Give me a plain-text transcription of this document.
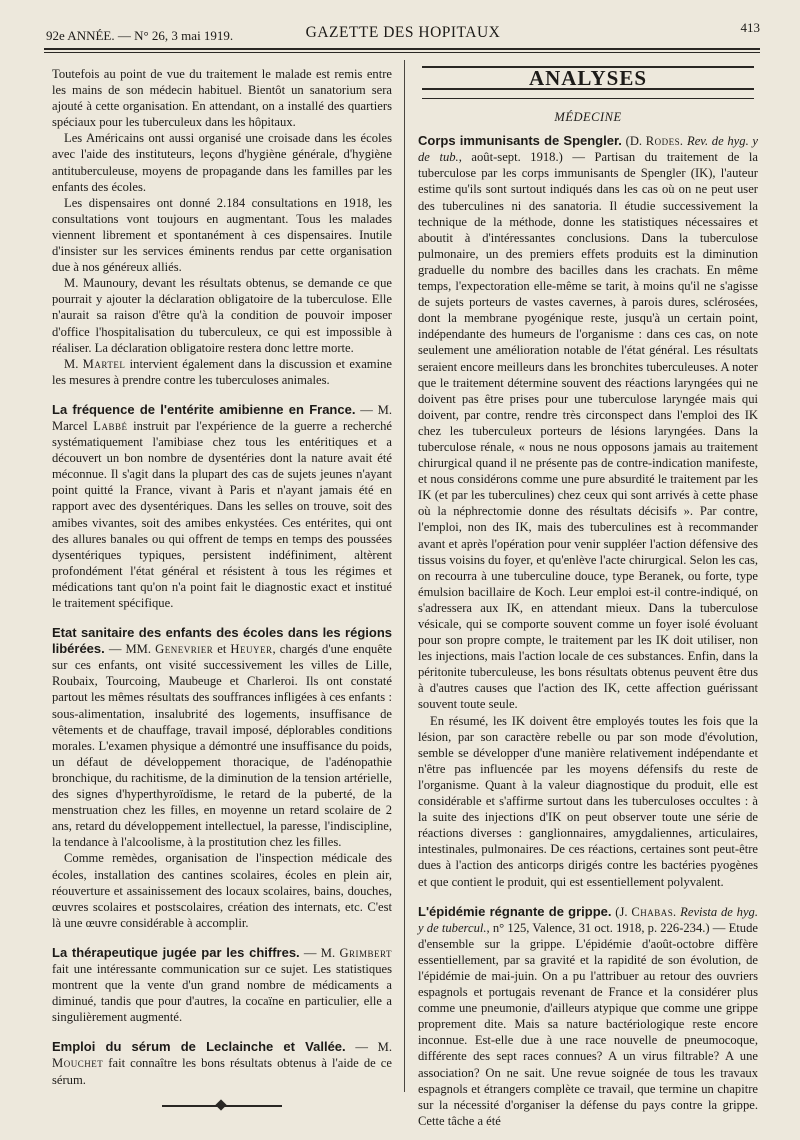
92e ANNÉE. — N° 26, 3 mai 1919.	GAZETTE DES HOPITAUX	413

Toutefois au point de vue du traitement le malade est remis entre les mains de son médecin habituel. Bientôt un sanatorium sera ajouté à cette organisation. En attendant, on a installé des quartiers spéciaux pour les tuberculeux dans les hôpitaux.

Les Américains ont aussi organisé une croisade dans les écoles avec l'aide des instituteurs, leçons d'hygiène générale, d'hygiène antituberculeuse, moyens de propagande dans les familles par les enfants des écoles.

Les dispensaires ont donné 2.184 consultations en 1918, les consultations vont toujours en augmentant. Tous les malades viennent librement et spontanément à ces dispensaires. Inutile d'insister sur les services éminents rendus par cette organisation due à nos généreux alliés.

M. Maunoury, devant les résultats obtenus, se demande ce que pourrait y ajouter la déclaration obligatoire de la tuberculose. Elle n'aurait sa raison d'être qu'à la condition de pouvoir imposer d'office l'hospitalisation du tuberculeux, ce qui est impossible à réaliser. La déclaration obligatoire restera donc lettre morte.

M. Martel intervient également dans la discussion et examine les mesures à prendre contre les tuberculoses animales.

La fréquence de l'entérite amibienne en France. — M. Marcel Labbé instruit par l'expérience de la guerre a recherché systématiquement l'amibiase chez tous les entéritiques et a découvert un bon nombre de dysentéries dont la nature avait été méconnue. Il s'agit dans la plupart des cas de sujets jeunes n'ayant point quitté la France, vivant à Paris et n'ayant jamais été en rapport avec des dysentériques. Dans les selles on trouve, soit des amibes vivantes, soit des amibes enkystées. Ces entérites, qui ont des allures banales ou qui offrent de temps en temps des poussées dysentériques typiques, persistent indéfiniment, altèrent profondément l'état général et résistent à tous les régimes et médications tant qu'on n'a point fait le diagnostic exact et institué le traitement spécifique.

Etat sanitaire des enfants des écoles dans les régions libérées. — MM. Genevrier et Heuyer, chargés d'une enquête sur ces enfants, ont visité successivement les villes de Lille, Roubaix, Tourcoing, Maubeuge et Charleroi. Ils ont constaté partout les mêmes résultats des souffrances infligées à ces enfants : sous-alimentation, insalubrité des logements, insuffisance de vêtements et de chauffage, travail imposé, déplorables conditions morales. L'examen physique a démontré une insuffisance du poids, un défaut de développement thoracique, de l'adénopathie bronchique, du rachitisme, de la diminution de la tension artérielle, des signes d'hyperthyroïdisme, le retard de la puberté, de la menstruation chez les filles, en moyenne un retard scolaire de 2 ans, retard du développement intellectuel, la paresse, l'indiscipline, la tendance à l'alcoolisme, à la prostitution chez les filles.

Comme remèdes, organisation de l'inspection médicale des écoles, installation des cantines scolaires, écoles en plein air, réouverture et assainissement des locaux scolaires, bains, douches, œuvres scolaires et postscolaires, création des internats, etc. C'est là une œuvre considérable à accomplir.

La thérapeutique jugée par les chiffres. — M. Grimbert fait une intéressante communication sur ce sujet. Les statistiques montrent que la vente d'un grand nombre de médicaments a diminué, tandis que pour d'autres, la cocaïne en particulier, elle a singulièrement augmenté.

Emploi du sérum de Leclainche et Vallée. — M. Mouchet fait connaître les bons résultats obtenus à l'aide de ce sérum.

ANALYSES
MÉDECINE

Corps immunisants de Spengler. (D. Rodes. Rev. de hyg. y de tub., août-sept. 1918.) — Partisan du traitement de la tuberculose par les corps immunisants de Spengler (IK), l'auteur estime qu'ils sont surtout indiqués dans les cas où on ne peut user des tuberculines ni des sanatoria. Il étudie successivement la technique de la méthode, donne les statistiques nécessaires et aboutit à d'intéressantes conclusions. Dans la tuberculose pulmonaire, un des premiers effets produits est la diminution graduelle du nombre des bacilles dans les crachats. En même temps, l'expectoration elle-même se tarit, à moins qu'il ne s'agisse de sujets porteurs de vastes cavernes, à parois dures, sclérosées, dont la membrane pyogénique reste, jusqu'à un certain point, indépendante des humeurs de l'organisme : dans ces cas, on note seulement une amélioration notable de l'état général. Les résultats seraient encore meilleurs dans les bronchites tuberculeuses. A noter que le traitement détermine souvent des réactions laryngées qui ne doivent pas être prises pour une tuberculose laryngée mais qui doivent, par contre, rendre très circonspect dans l'emploi des IK chez les tuberculeux porteurs de lésions laryngées. Dans la tuberculose rénale, « nous ne nous opposons jamais au traitement chirurgical quand il ne présente pas de contre-indication manifeste, et nous considérons comme une pure absurdité le traitement par les IK (et par les tuberculines) chez ceux qui sont arrivés à cette phase où la néphrectomie donne des résultats décisifs ». Par contre, l'emploi, non des IK, mais des tuberculines est à recommander avant et après l'opération pour venir suppléer l'action défensive des tissus voisins du foyer, et qu'enlève l'acte chirurgical. Selon les cas, on recourra à une tuberculine douce, type Beranek, ou forte, type émulsion bacillaire de Koch. Leur emploi est-il contre-indiqué, on s'adressera aux IK, en attendant mieux. Dans la tuberculose vésicale, qui se comporte souvent comme un foyer isolé évoluant pour son propre compte, le traitement par les IK doit utiliser, non les injections, mais l'action locale de ces substances. Enfin, dans la péritonite tuberculeuse, les bons résultats obtenus peuvent être dus à d'autres causes que l'action des IK, cette affection guérissant souvent toute seule.

En résumé, les IK doivent être employés toutes les fois que la lésion, par son caractère rebelle ou par son mode d'évolution, semble se développer d'une manière relativement indépendante et n'être pas influencée par les moyens défensifs du reste de l'organisme. Quant à la valeur diagnostique du produit, elle est considérable et s'affirme surtout dans les tuberculoses occultes : à la suite des injections d'IK on peut observer toute une série de réactions diverses : ganglionnaires, amygdaliennes, articulaires, intestinales, pulmonaires. De ces réactions, certaines sont peut-être dues à l'action des anticorps dirigés contre les bactéries pyogènes et que contient le produit, qui est essentiellement polyvalent.

L'épidémie régnante de grippe. (J. Chabas. Revista de hyg. y de tubercul., n° 125, Valence, 31 oct. 1918, p. 226-234.) — Etude d'ensemble sur la grippe. L'épidémie d'août-octobre diffère essentiellement, par sa gravité et la rapidité de son évolution, de l'épidémie de mai-juin. On a pu l'attribuer au retour des ouvriers espagnols et portugais revenant de France et la considérer plus comme une pneumonie, d'ailleurs atypique que comme une grippe proprement dite. Mais sa nature bactériologique reste encore inconnue. Est-elle due à une race nouvelle de pneumocoque, différente des sept races connues? A un virus filtrable? A une association? On ne sait. Une revue soignée de tous les travaux espagnols et étrangers complète ce travail, que termine un chapitre sur la nécessité d'organiser la défense du pays contre la grippe. Cette tâche a été
